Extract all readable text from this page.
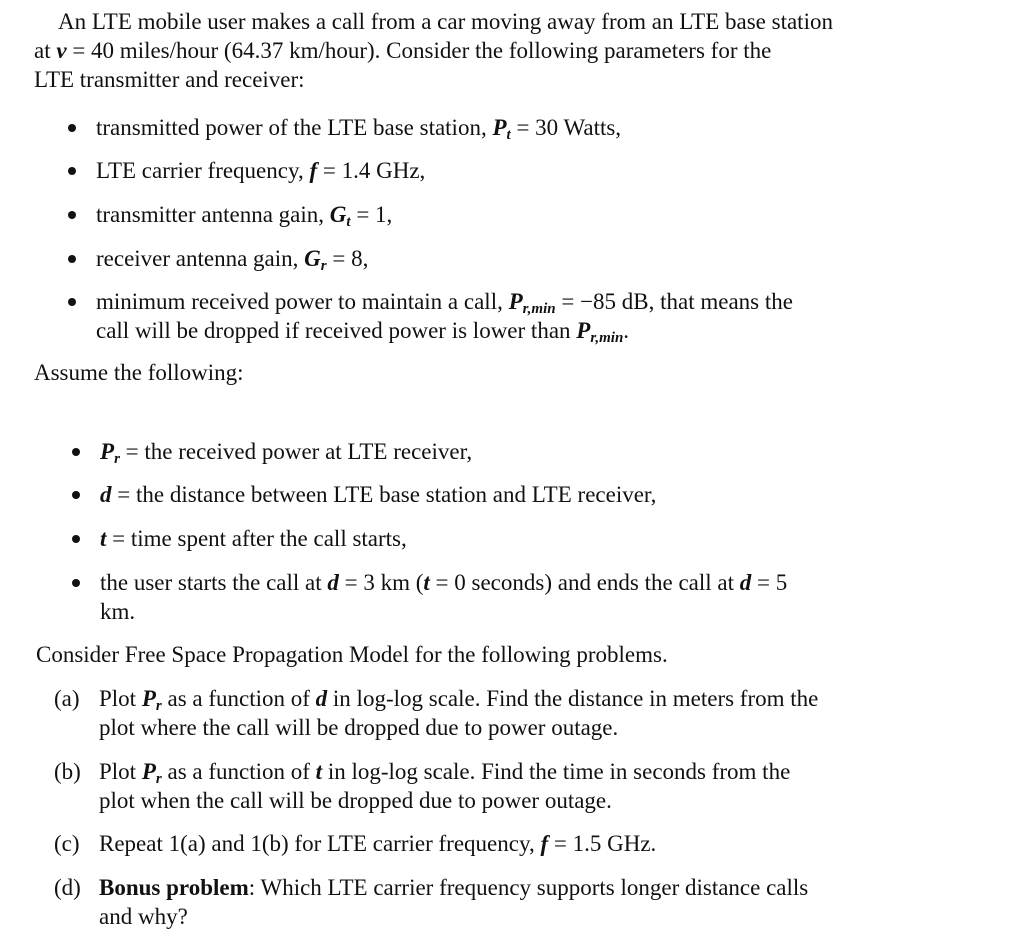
An LTE mobile user makes a call from a car moving away from an LTE base station
at v = 40 miles/hour (64.37 km/hour). Consider the following parameters for the
LTE transmitter and receiver:
transmitted power of the LTE base station, $P_t = 30$ Watts,
LTE carrier frequency, f = 1.4 GHz,
transmitter antenna gain, $G_t = 1$,
receiver antenna gain, $G_r = 8$,
minimum received power to maintain a call, $P_{r,min} = -85$ dB, that means the
call will be dropped if received power is lower than $P_{r,min}$.
Assume the following:
$P_r$ = the received power at LTE receiver,
d = the distance between LTE base station and LTE receiver,
t = time spent after the call starts,
the user starts the call at d = 3 km (t = 0 seconds) and ends the call at d = 5
km.
Consider Free Space Propagation Model for the following problems.
(a) Plot $P_r$ as a function of d in log-log scale. Find the distance in meters from the
plot where the call will be dropped due to power outage.
(b) Plot $P_r$ as a function of t in log-log scale. Find the time in seconds from the
plot when the call will be dropped due to power outage.
(c) Repeat 1(a) and 1(b) for LTE carrier frequency, f = 1.5 GHz.
(d) Bonus problem: Which LTE carrier frequency supports longer distance calls
and why?
